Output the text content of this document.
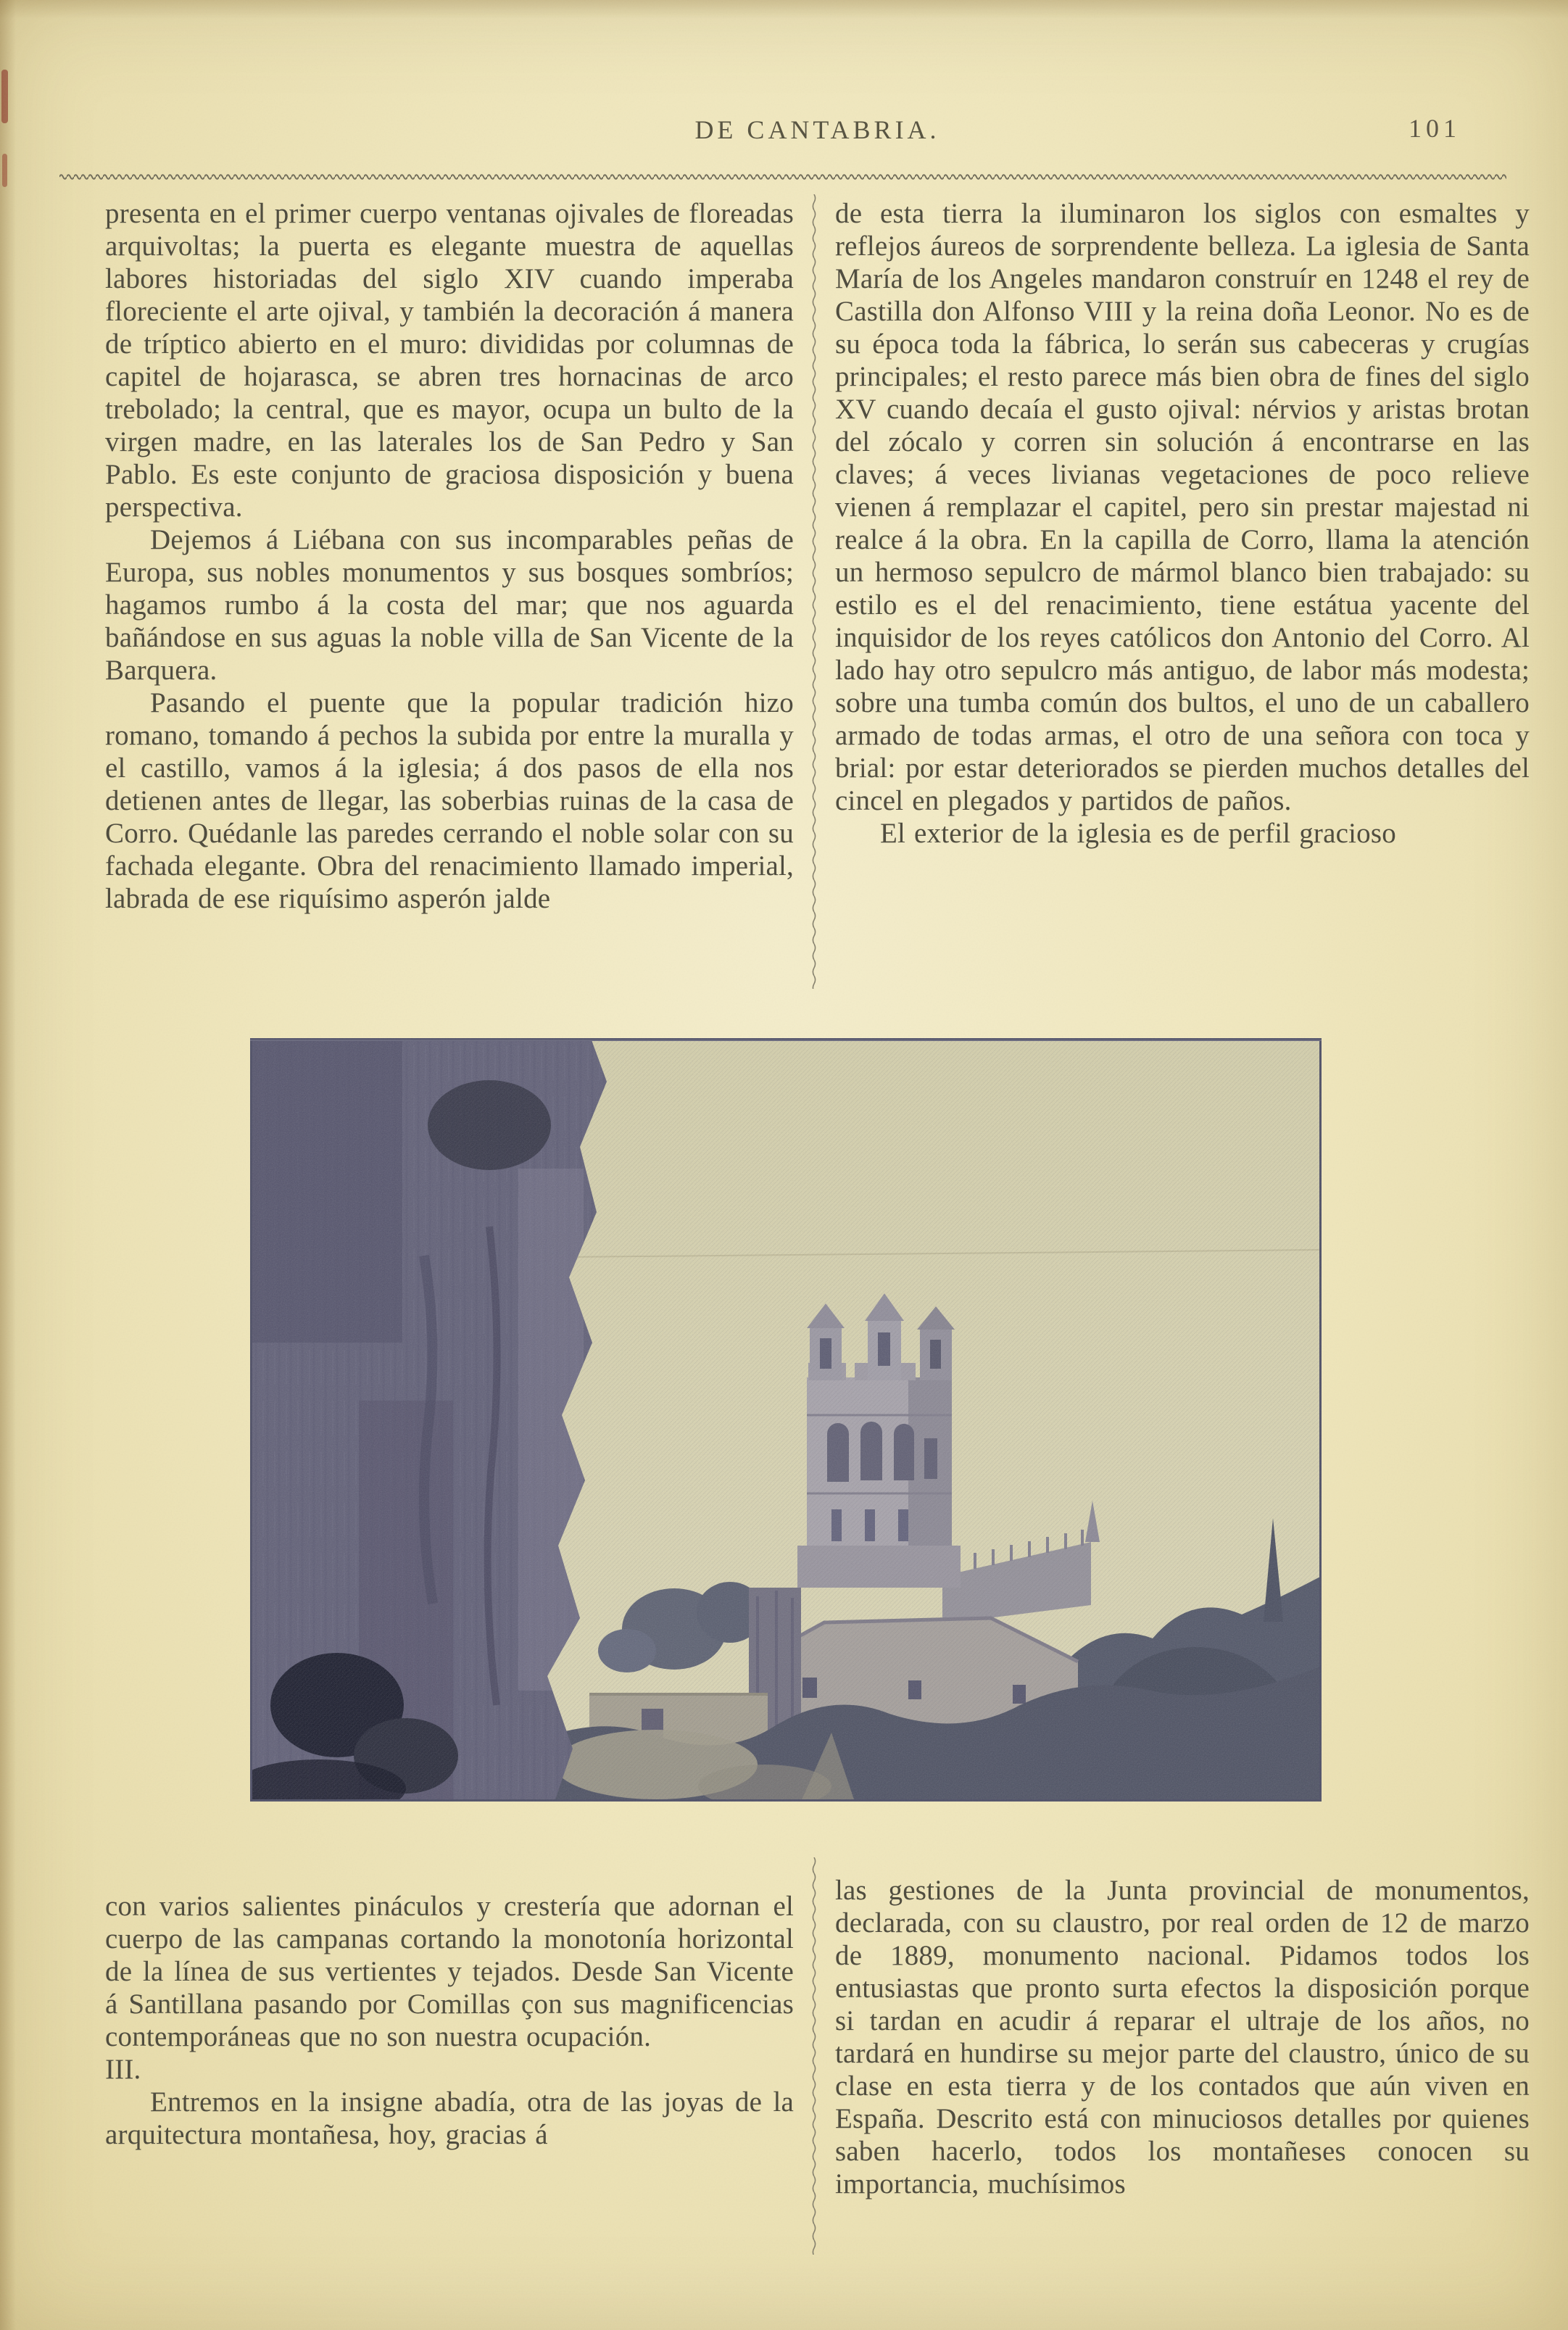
DE CANTABRIA.	101

presenta en el primer cuerpo ventanas ojivales de floreadas arquivoltas; la puerta es elegante muestra de aquellas labores historiadas del siglo XIV cuando imperaba floreciente el arte ojival, y también la decoración á manera de tríptico abierto en el muro: divididas por columnas de capitel de hojarasca, se abren tres hornacinas de arco trebolado; la central, que es mayor, ocupa un bulto de la virgen madre, en las laterales los de San Pedro y San Pablo. Es este conjunto de graciosa disposición y buena perspectiva.

Dejemos á Liébana con sus incomparables peñas de Europa, sus nobles monumentos y sus bosques sombríos; hagamos rumbo á la costa del mar; que nos aguarda bañándose en sus aguas la noble villa de San Vicente de la Barquera.

Pasando el puente que la popular tradición hizo romano, tomando á pechos la subida por entre la muralla y el castillo, vamos á la iglesia; á dos pasos de ella nos detienen antes de llegar, las soberbias ruinas de la casa de Corro. Quédanle las paredes cerrando el noble solar con su fachada elegante. Obra del renacimiento llamado imperial, labrada de ese riquísimo asperón jalde

de esta tierra la iluminaron los siglos con esmaltes y reflejos áureos de sorprendente belleza. La iglesia de Santa María de los Angeles mandaron construír en 1248 el rey de Castilla don Alfonso VIII y la reina doña Leonor. No es de su época toda la fábrica, lo serán sus cabeceras y crugías principales; el resto parece más bien obra de fines del siglo XV cuando decaía el gusto ojival: nérvios y aristas brotan del zócalo y corren sin solución á encontrarse en las claves; á veces livianas vegetaciones de poco relieve vienen á remplazar el capitel, pero sin prestar majestad ni realce á la obra. En la capilla de Corro, llama la atención un hermoso sepulcro de mármol blanco bien trabajado: su estilo es el del renacimiento, tiene estátua yacente del inquisidor de los reyes católicos don Antonio del Corro. Al lado hay otro sepulcro más antiguo, de labor más modesta; sobre una tumba común dos bultos, el uno de un caballero armado de todas armas, el otro de una señora con toca y brial: por estar deteriorados se pierden muchos detalles del cincel en plegados y partidos de paños.

El exterior de la iglesia es de perfil gracioso

con varios salientes pináculos y crestería que adornan el cuerpo de las campanas cortando la monotonía horizontal de la línea de sus vertientes y tejados. Desde San Vicente á Santillana pasando por Comillas çon sus magnificencias contemporáneas que no son nuestra ocupación.

III.

Entremos en la insigne abadía, otra de las joyas de la arquitectura montañesa, hoy, gracias á

las gestiones de la Junta provincial de monumentos, declarada, con su claustro, por real orden de 12 de marzo de 1889, monumento nacional. Pidamos todos los entusiastas que pronto surta efectos la disposición porque si tardan en acudir á reparar el ultraje de los años, no tardará en hundirse su mejor parte del claustro, único de su clase en esta tierra y de los contados que aún viven en España. Descrito está con minuciosos detalles por quienes saben hacerlo, todos los montañeses conocen su importancia, muchísimos
